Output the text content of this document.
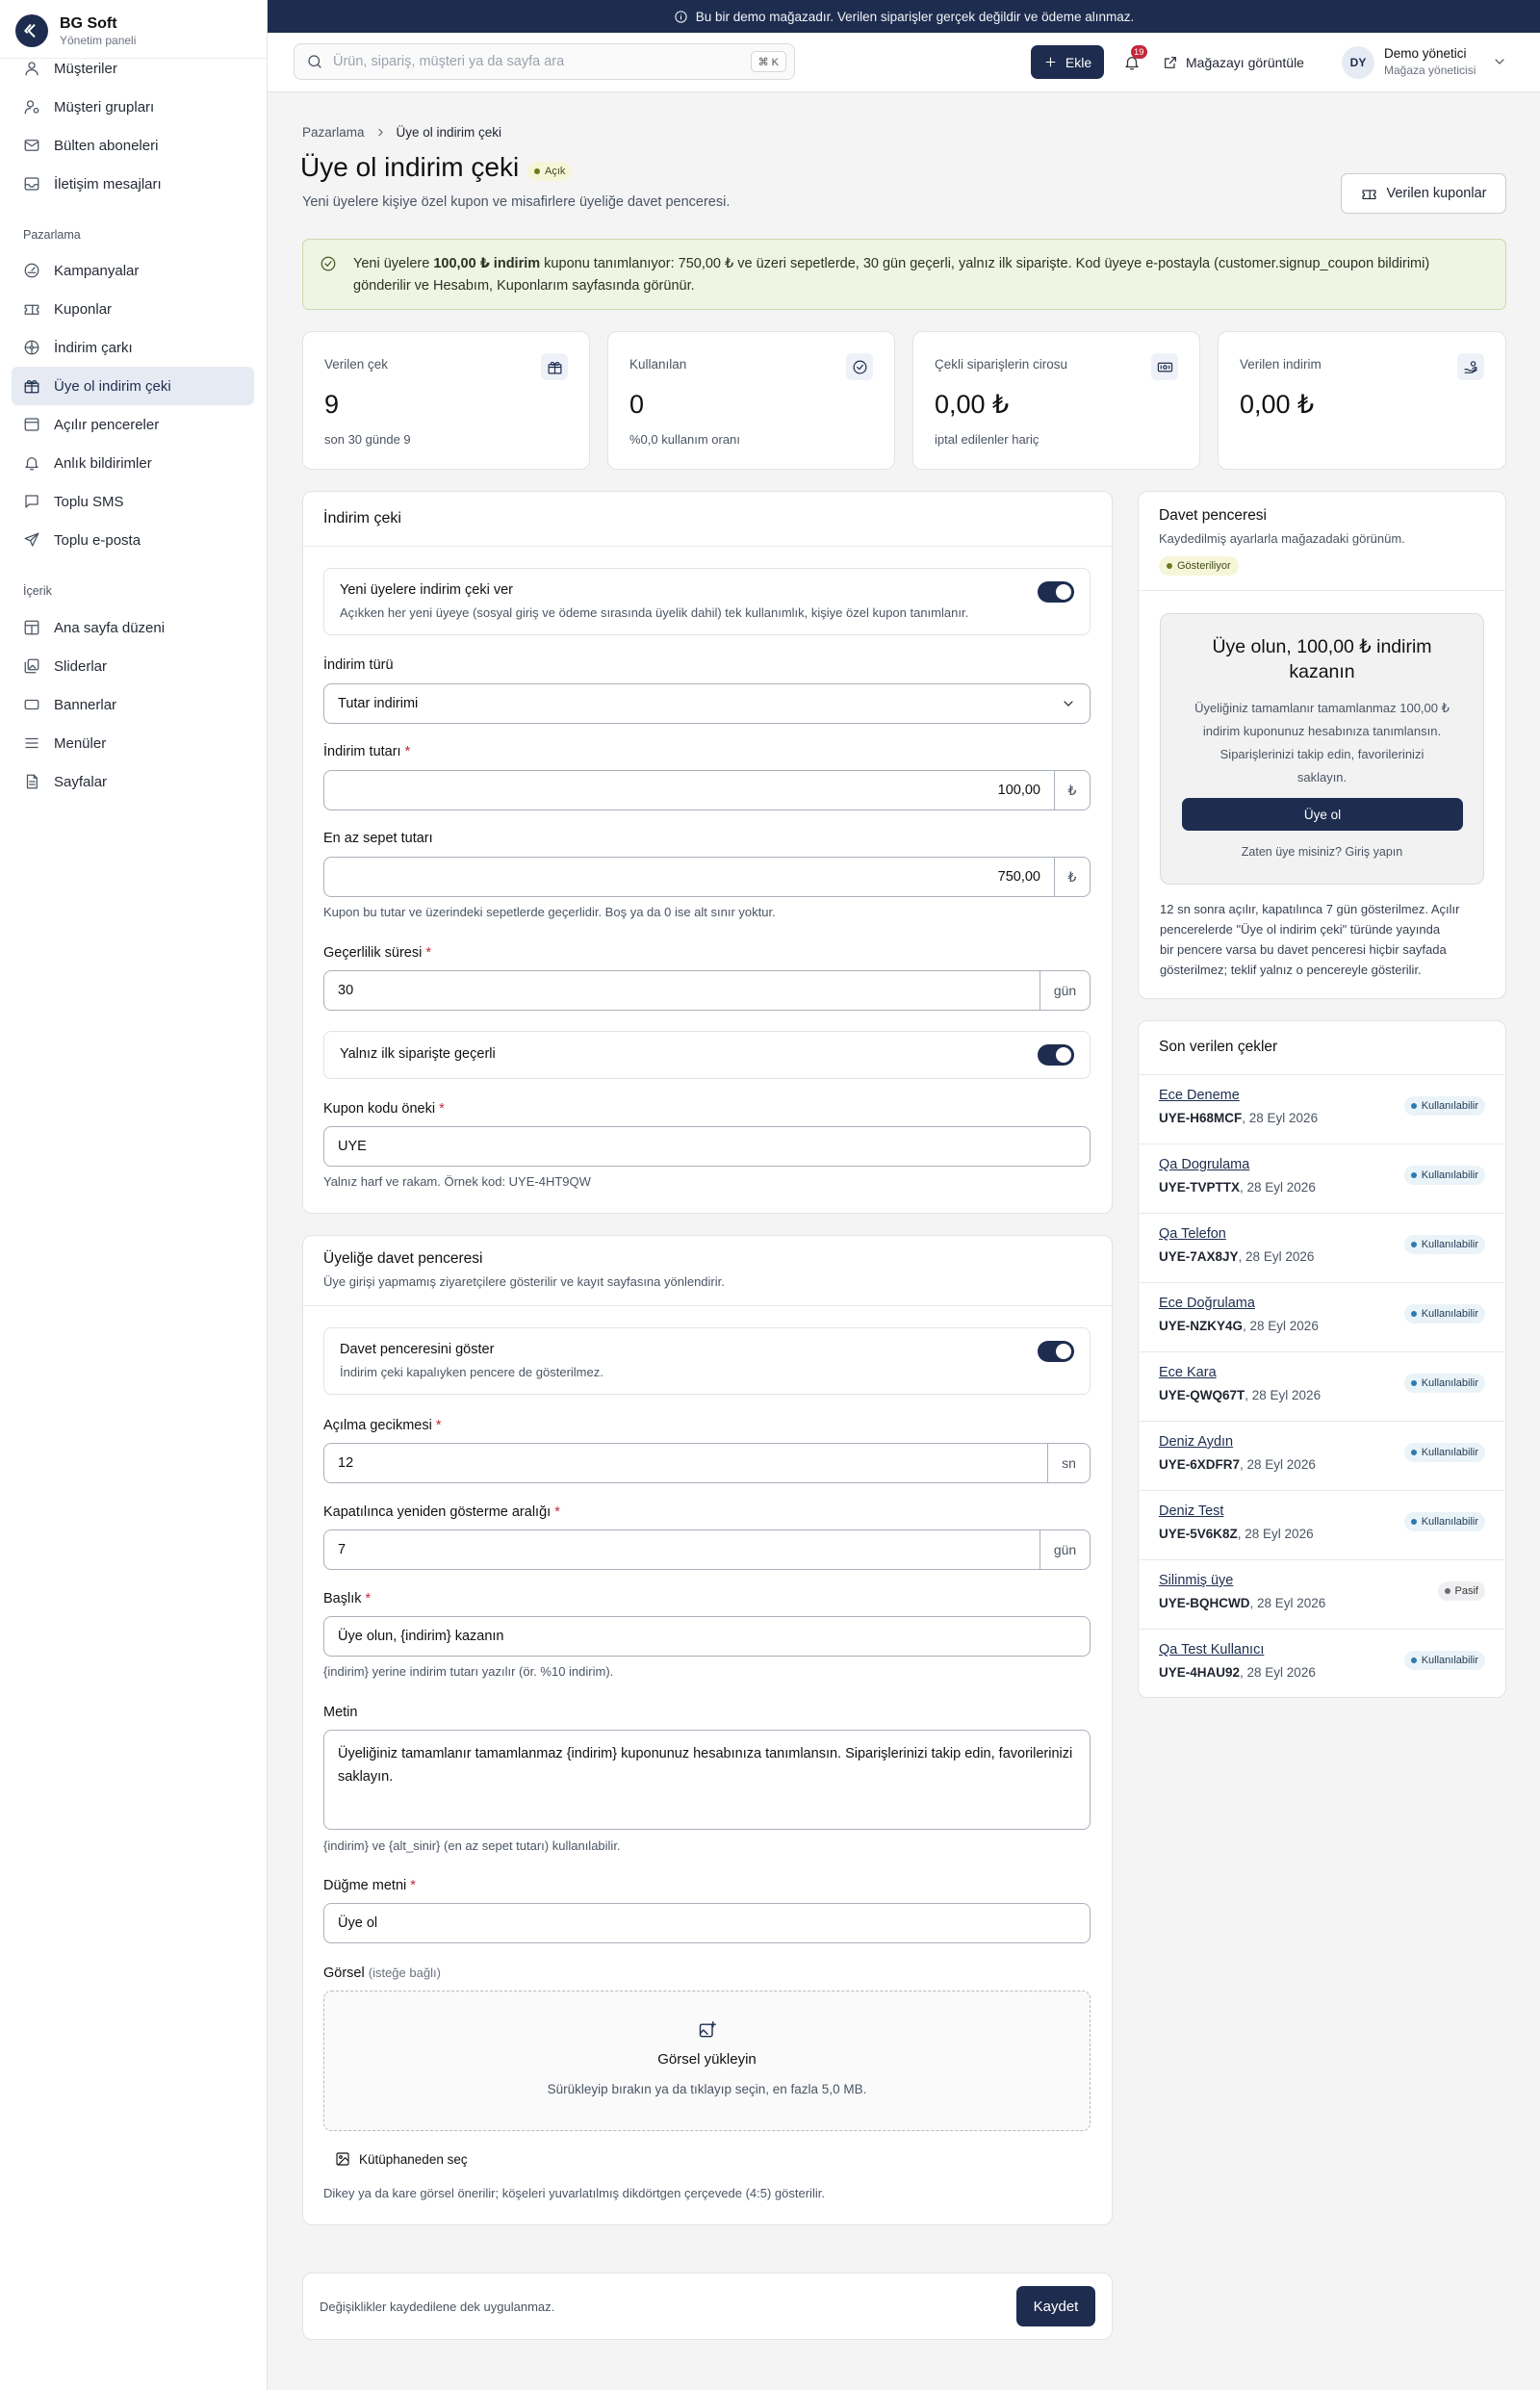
BG Soft
Yönetim paneli
Müşteriler
Müşteri grupları
Bülten aboneleri
İletişim mesajları
Pazarlama
Kampanyalar
Kuponlar
İndirim çarkı
Üye ol indirim çeki
Açılır pencereler
Anlık bildirimler
Toplu SMS
Toplu e-posta
İçerik
Ana sayfa düzeni
Sliderlar
Bannerlar
Menüler
Sayfalar
Bu bir demo mağazadır. Verilen siparişler gerçek değildir ve ödeme alınmaz.
Ürün, sipariş, müşteri ya da sayfa ara	⌘ K	Ekle
19
Mağazayı görüntüle	DY
Demo yönetici
Mağaza yöneticisi
Pazarlama Üye ol indirim çeki
Üye ol indirim çeki Açık
Yeni üyelere kişiye özel kupon ve misafirlere üyeliğe davet penceresi.
Verilen kuponlar
Yeni üyelere 100,00 ₺ indirim kuponu tanımlanıyor: 750,00 ₺ ve üzeri sepetlerde, 30 gün geçerli, yalnız ilk siparişte. Kod üyeye e-postayla (customer.signup_coupon bildirimi)
gönderilir ve Hesabım, Kuponlarım sayfasında görünür.
Verilen çek
9
son 30 günde 9
Kullanılan
0
%0,0 kullanım oranı
Çekli siparişlerin cirosu
0,00 ₺
iptal edilenler hariç
Verilen indirim
0,00 ₺
İndirim çeki
Yeni üyelere indirim çeki ver
Açıkken her yeni üyeye (sosyal giriş ve ödeme sırasında üyelik dahil) tek kullanımlık, kişiye özel kupon tanımlanır.
İndirim türü
Tutar indirimi
İndirim tutarı *
100,00	₺
En az sepet tutarı
750,00	₺
Kupon bu tutar ve üzerindeki sepetlerde geçerlidir. Boş ya da 0 ise alt sınır yoktur.
Geçerlilik süresi *
30	gün
Yalnız ilk siparişte geçerli
Kupon kodu öneki *
UYE
Yalnız harf ve rakam. Örnek kod: UYE-4HT9QW
Üyeliğe davet penceresi
Üye girişi yapmamış ziyaretçilere gösterilir ve kayıt sayfasına yönlendirir.
Davet penceresini göster
İndirim çeki kapalıyken pencere de gösterilmez.
Açılma gecikmesi *
12	sn
Kapatılınca yeniden gösterme aralığı *
7	gün
Başlık *
Üye olun, {indirim} kazanın
{indirim} yerine indirim tutarı yazılır (ör. %10 indirim).
Metin
Üyeliğiniz tamamlanır tamamlanmaz {indirim} kuponunuz hesabınıza tanımlansın. Siparişlerinizi takip edin, favorilerinizi saklayın.
{indirim} ve {alt_sinir} (en az sepet tutarı) kullanılabilir.
Düğme metni *
Üye ol
Görsel (isteğe bağlı)
Görsel yükleyin
Sürükleyip bırakın ya da tıklayıp seçin, en fazla 5,0 MB.
Kütüphaneden seç
Dikey ya da kare görsel önerilir; köşeleri yuvarlatılmış dikdörtgen çerçevede (4:5) gösterilir.
Değişiklikler kaydedilene dek uygulanmaz.	Kaydet
Davet penceresi
Kaydedilmiş ayarlarla mağazadaki görünüm.
Gösteriliyor
Üye olun, 100,00 ₺ indirim
kazanın
Üyeliğiniz tamamlanır tamamlanmaz 100,00 ₺
indirim kuponunuz hesabınıza tanımlansın.
Siparişlerinizi takip edin, favorilerinizi
saklayın.
Üye ol
Zaten üye misiniz? Giriş yapın
12 sn sonra açılır, kapatılınca 7 gün gösterilmez. Açılır
pencerelerde "Üye ol indirim çeki" türünde yayında
bir pencere varsa bu davet penceresi hiçbir sayfada
gösterilmez; teklif yalnız o pencereyle gösterilir.
Son verilen çekler
Ece Deneme
UYE-H68MCF, 28 Eyl 2026
Kullanılabilir
Qa Dogrulama
UYE-TVPTTX, 28 Eyl 2026
Kullanılabilir
Qa Telefon
UYE-7AX8JY, 28 Eyl 2026
Kullanılabilir
Ece Doğrulama
UYE-NZKY4G, 28 Eyl 2026
Kullanılabilir
Ece Kara
UYE-QWQ67T, 28 Eyl 2026
Kullanılabilir
Deniz Aydın
UYE-6XDFR7, 28 Eyl 2026
Kullanılabilir
Deniz Test
UYE-5V6K8Z, 28 Eyl 2026
Kullanılabilir
Silinmiş üye
UYE-BQHCWD, 28 Eyl 2026
Pasif
Qa Test Kullanıcı
UYE-4HAU92, 28 Eyl 2026
Kullanılabilir
